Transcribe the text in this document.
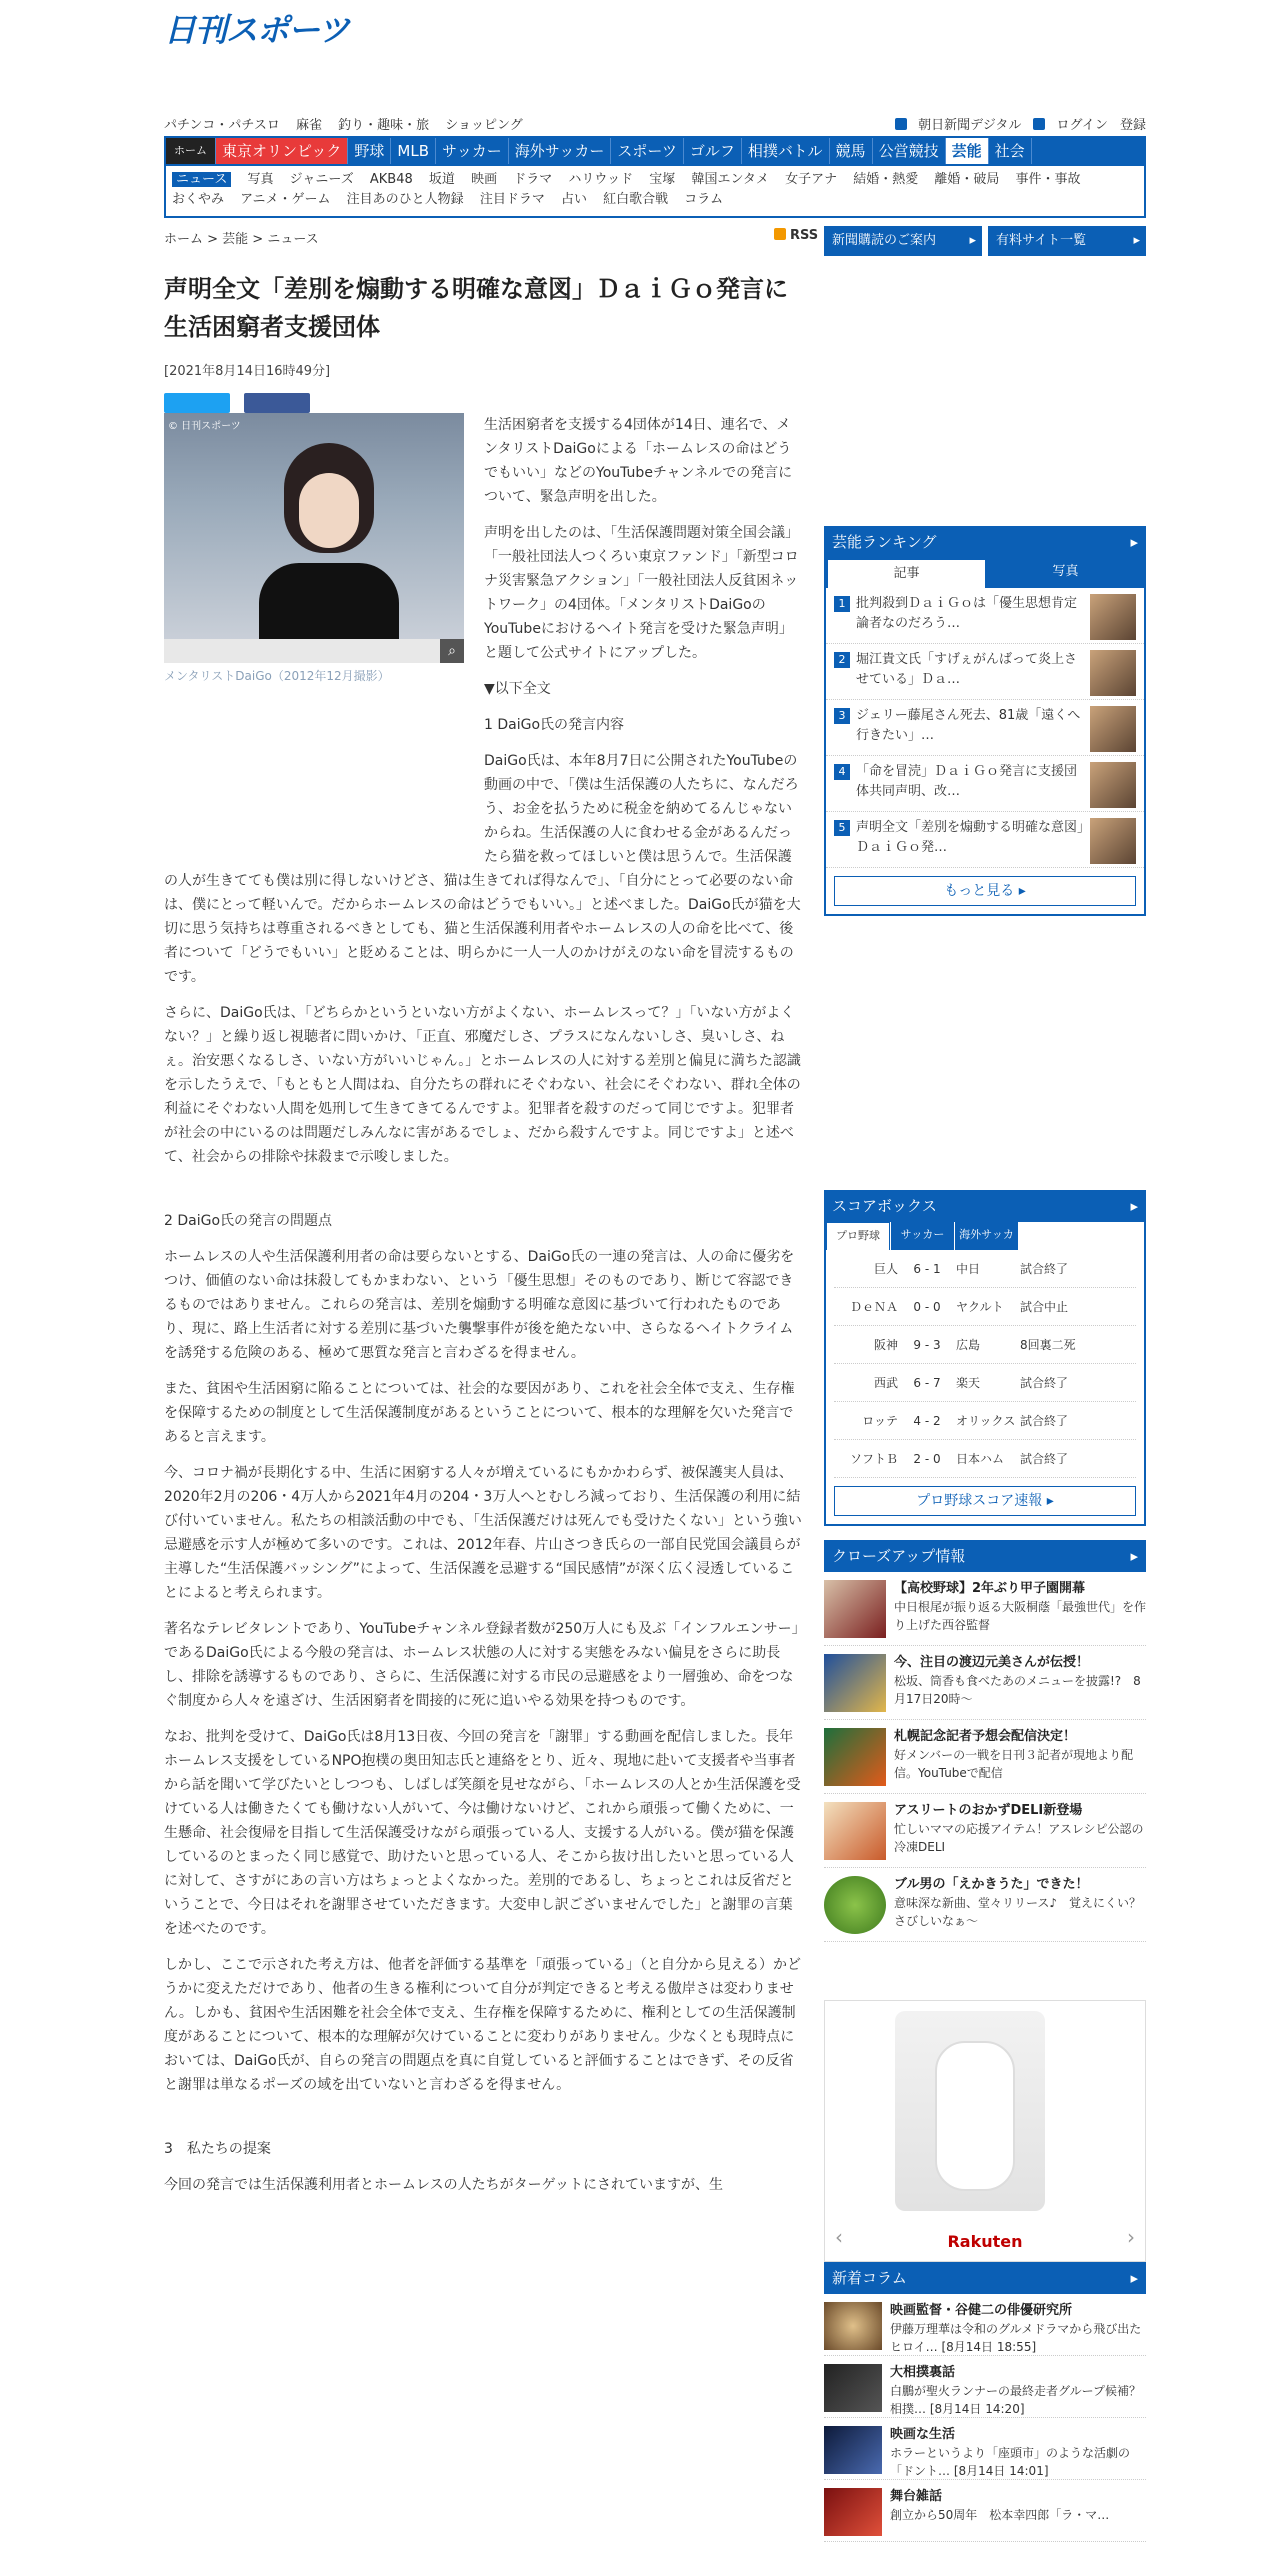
日刊スポーツ
パチンコ・パチスロ 麻雀 釣り・趣味・旅 ショッピング	朝日新聞デジタル	ログイン 登録
ホーム	東京オリンピック 野球 MLB サッカー 海外サッカー スポーツ ゴルフ 相撲バトル 競馬 公営競技 芸能 社会
ニュース 写真 ジャニーズ AKB48 坂道 映画 ドラマ ハリウッド 宝塚 韓国エンタメ 女子アナ 結婚・熱愛 離婚・破局 事件・事故
おくやみ アニメ・ゲーム 注目あのひと人物録 注目ドラマ 占い 紅白歌合戦 コラム
ホーム > 芸能 > ニュース	RSS
声明全文「差別を煽動する明確な意図」ＤａｉＧｏ発言に生活困窮者支援団体
[2021年8月14日16時49分]

生活困窮者を支援する4団体が14日、連名で、メンタリストDaiGoによる「ホームレスの命はどうでもいい」などのYouTubeチャンネルでの発言について、緊急声明を出した。

声明を出したのは、「生活保護問題対策全国会議」「一般社団法人つくろい東京ファンド」「新型コロナ災害緊急アクション」「一般社団法人反貧困ネットワーク」の4団体。「メンタリストDaiGoのYouTubeにおけるヘイト発言を受けた緊急声明」と題して公式サイトにアップした。

▼以下全文

1 DaiGo氏の発言内容

DaiGo氏は、本年8月7日に公開されたYouTubeの動画の中で、「僕は生活保護の人たちに、なんだろう、お金を払うために税金を納めてるんじゃないからね。生活保護の人に食わせる金があるんだったら猫を救ってほしいと僕は思うんで。生活保護の人が生きてても僕は別に得しないけどさ、猫は生きてれば得なんで」、「自分にとって必要のない命は、僕にとって軽いんで。だからホームレスの命はどうでもいい。」と述べました。DaiGo氏が猫を大切に思う気持ちは尊重されるべきとしても、猫と生活保護利用者やホームレスの人の命を比べて、後者について「どうでもいい」と貶めることは、明らかに一人一人のかけがえのない命を冒涜するものです。

さらに、DaiGo氏は、「どちらかというといない方がよくない、ホームレスって？」「いない方がよくない？」と繰り返し視聴者に問いかけ、「正直、邪魔だしさ、プラスになんないしさ、臭いしさ、ねぇ。治安悪くなるしさ、いない方がいいじゃん。」とホームレスの人に対する差別と偏見に満ちた認識を示したうえで、「もともと人間はね、自分たちの群れにそぐわない、社会にそぐわない、群れ全体の利益にそぐわない人間を処刑して生きてきてるんですよ。犯罪者を殺すのだって同じですよ。犯罪者が社会の中にいるのは問題だしみんなに害があるでしょ、だから殺すんですよ。同じですよ」と述べて、社会からの排除や抹殺まで示唆しました。

2 DaiGo氏の発言の問題点

ホームレスの人や生活保護利用者の命は要らないとする、DaiGo氏の一連の発言は、人の命に優劣をつけ、価値のない命は抹殺してもかまわない、という「優生思想」そのものであり、断じて容認できるものではありません。これらの発言は、差別を煽動する明確な意図に基づいて行われたものであり、現に、路上生活者に対する差別に基づいた襲撃事件が後を絶たない中、さらなるヘイトクライムを誘発する危険のある、極めて悪質な発言と言わざるを得ません。

また、貧困や生活困窮に陥ることについては、社会的な要因があり、これを社会全体で支え、生存権を保障するための制度として生活保護制度があるということについて、根本的な理解を欠いた発言であると言えます。

今、コロナ禍が長期化する中、生活に困窮する人々が増えているにもかかわらず、被保護実人員は、2020年2月の206・4万人から2021年4月の204・3万人へとむしろ減っており、生活保護の利用に結び付いていません。私たちの相談活動の中でも、「生活保護だけは死んでも受けたくない」という強い忌避感を示す人が極めて多いのです。これは、2012年春、片山さつき氏らの一部自民党国会議員らが主導した“生活保護バッシング”によって、生活保護を忌避する“国民感情”が深く広く浸透していることによると考えられます。

著名なテレビタレントであり、YouTubeチャンネル登録者数が250万人にも及ぶ「インフルエンサー」であるDaiGo氏による今般の発言は、ホームレス状態の人に対する実態をみない偏見をさらに助長し、排除を誘導するものであり、さらに、生活保護に対する市民の忌避感をより一層強め、命をつなぐ制度から人々を遠ざけ、生活困窮者を間接的に死に追いやる効果を持つものです。

なお、批判を受けて、DaiGo氏は8月13日夜、今回の発言を「謝罪」する動画を配信しました。長年ホームレス支援をしているNPO抱樸の奥田知志氏と連絡をとり、近々、現地に赴いて支援者や当事者から話を聞いて学びたいとしつつも、しばしば笑顔を見せながら、「ホームレスの人とか生活保護を受けている人は働きたくても働けない人がいて、今は働けないけど、これから頑張って働くために、一生懸命、社会復帰を目指して生活保護受けながら頑張っている人、支援する人がいる。僕が猫を保護しているのとまったく同じ感覚で、助けたいと思っている人、そこから抜け出したいと思っている人に対して、さすがにあの言い方はちょっとよくなかった。差別的であるし、ちょっとこれは反省だということで、今日はそれを謝罪させていただきます。大変申し訳ございませんでした」と謝罪の言葉を述べたのです。

しかし、ここで示された考え方は、他者を評価する基準を「頑張っている」（と自分から見える）かどうかに変えただけであり、他者の生きる権利について自分が判定できると考える傲岸さは変わりません。しかも、貧困や生活困難を社会全体で支え、生存権を保障するために、権利としての生活保護制度があることについて、根本的な理解が欠けていることに変わりがありません。少なくとも現時点においては、DaiGo氏が、自らの発言の問題点を真に自覚していると評価することはできず、その反省と謝罪は単なるポーズの域を出ていないと言わざるを得ません。

3　私たちの提案

今回の発言では生活保護利用者とホームレスの人たちがターゲットにされていますが、生

© 日刊スポーツ
⌕
メンタリストDaiGo（2012年12月撮影）
新聞購読のご案内 ▸	有料サイト一覧 ▸
芸能ランキング ▸
記事	写真
1 批判殺到ＤａｉＧｏは「優生思想肯定論者なのだろう…
2 堀江貴文氏「すげぇがんばって炎上させている」Ｄａ…
3 ジェリー藤尾さん死去、81歳「遠くへ行きたい」…
4 「命を冒涜」ＤａｉＧｏ発言に支援団体共同声明、改…
5 声明全文「差別を煽動する明確な意図」ＤａｉＧｏ発…
もっと見る ▸
スコアボックス ▸
プロ野球	サッカー	海外サッカー
巨人	6 - 1	中日	試合終了
ＤｅＮＡ	0 - 0	ヤクルト	試合中止
阪神	9 - 3	広島	8回裏二死
西武	6 - 7	楽天	試合終了
ロッテ	4 - 2	オリックス 試合終了
ソフトＢ	2 - 0	日本ハム	試合終了
プロ野球スコア速報 ▸
クローズアップ情報 ▸
【高校野球】2年ぶり甲子園開幕
中日根尾が振り返る大阪桐蔭「最強世代」を作り上げた西谷監督
今、注目の渡辺元美さんが伝授！
松坂、筒香も食べたあのメニューを披露!?　8月17日20時～
札幌記念記者予想会配信決定！
好メンバーの一戦を日刊３記者が現地より配信。YouTubeで配信
アスリートのおかずDELI新登場
忙しいママの応援アイテム！アスレシピ公認の冷凍DELI
ブル男の「えかきうた」できた！
意味深な新曲、堂々リリース♪　覚えにくい？さびしいなぁ～
‹	›
Rakuten
新着コラム ▸
映画監督・谷健二の俳優研究所
伊藤万理華は令和のグルメドラマから飛び出たヒロイ… [8月14日 18:55]
大相撲裏話
白鵬が聖火ランナーの最終走者グループ候補？　相撲… [8月14日 14:20]
映画な生活
ホラーというより「座頭市」のような活劇の「ドント… [8月14日 14:01]
舞台雑話
創立から50周年　松本幸四郎「ラ・マ…
